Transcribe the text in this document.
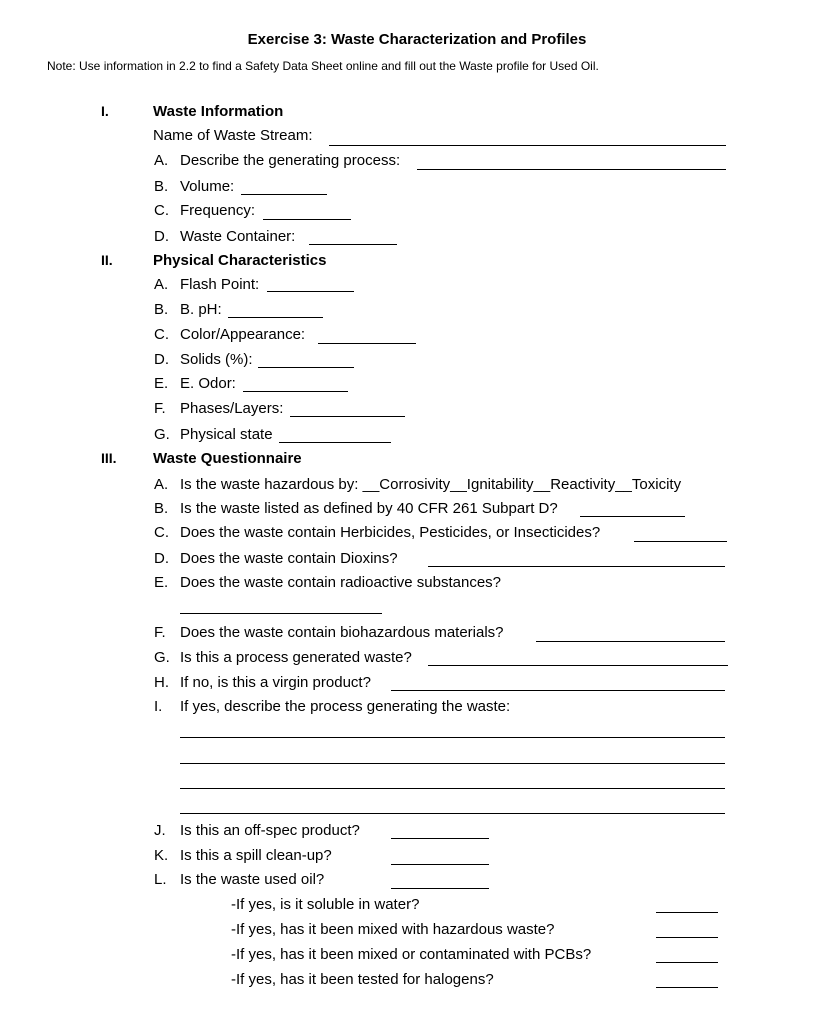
Exercise 3: Waste Characterization and Profiles
Note: Use information in 2.2 to find a Safety Data Sheet online and fill out the Waste profile for Used Oil.
I.	Waste Information
Name of Waste Stream:
A. Describe the generating process:
B. Volume:
C. Frequency:
D. Waste Container:
II.	Physical Characteristics
A. Flash Point:
B. B. pH:
C. Color/Appearance:
D. Solids (%):
E. E. Odor:
F. Phases/Layers:
G. Physical state
III. Waste Questionnaire
A. Is the waste hazardous by: __Corrosivity__Ignitability__Reactivity__Toxicity
B. Is the waste listed as defined by 40 CFR 261 Subpart D?
C. Does the waste contain Herbicides, Pesticides, or Insecticides?
D. Does the waste contain Dioxins?
E. Does the waste contain radioactive substances?
F. Does the waste contain biohazardous materials?
G. Is this a process generated waste?
H. If no, is this a virgin product?
I. If yes, describe the process generating the waste:
J. Is this an off-spec product?
K. Is this a spill clean-up?
L. Is the waste used oil?
-If yes, is it soluble in water?
-If yes, has it been mixed with hazardous waste?
-If yes, has it been mixed or contaminated with PCBs?
-If yes, has it been tested for halogens?
